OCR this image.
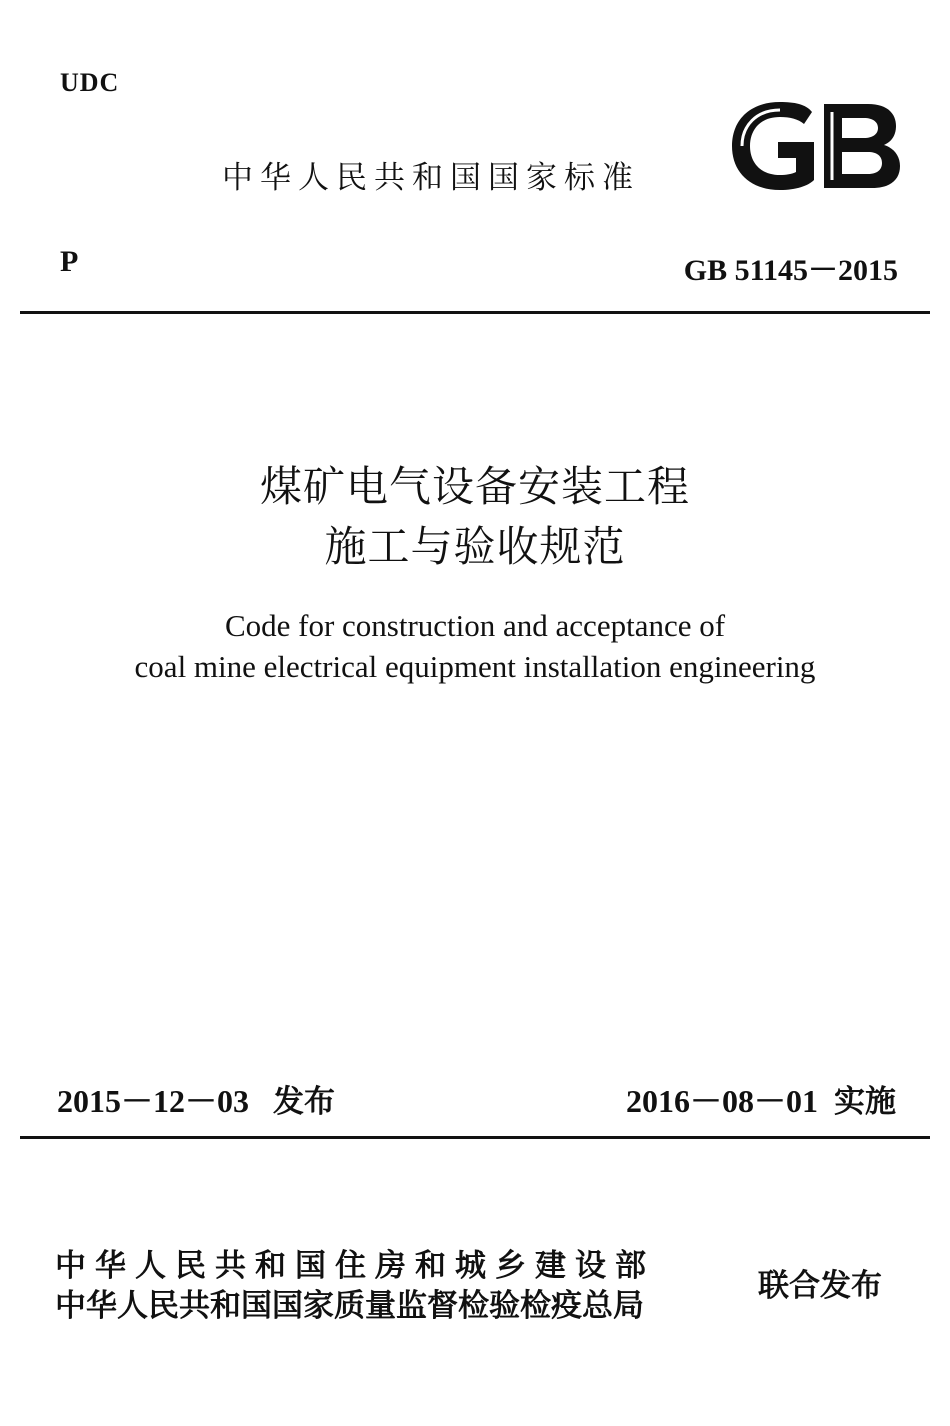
UDC
中华人民共和国国家标准
P	GB 51145－2015
煤矿电气设备安装工程
施工与验收规范
Code for construction and acceptance of
coal mine electrical equipment installation engineering
2015－12－03 发布	2016－08－01 实施
中华人民共和国住房和城乡建设部
中华人民共和国国家质量监督检验检疫总局
联合发布
